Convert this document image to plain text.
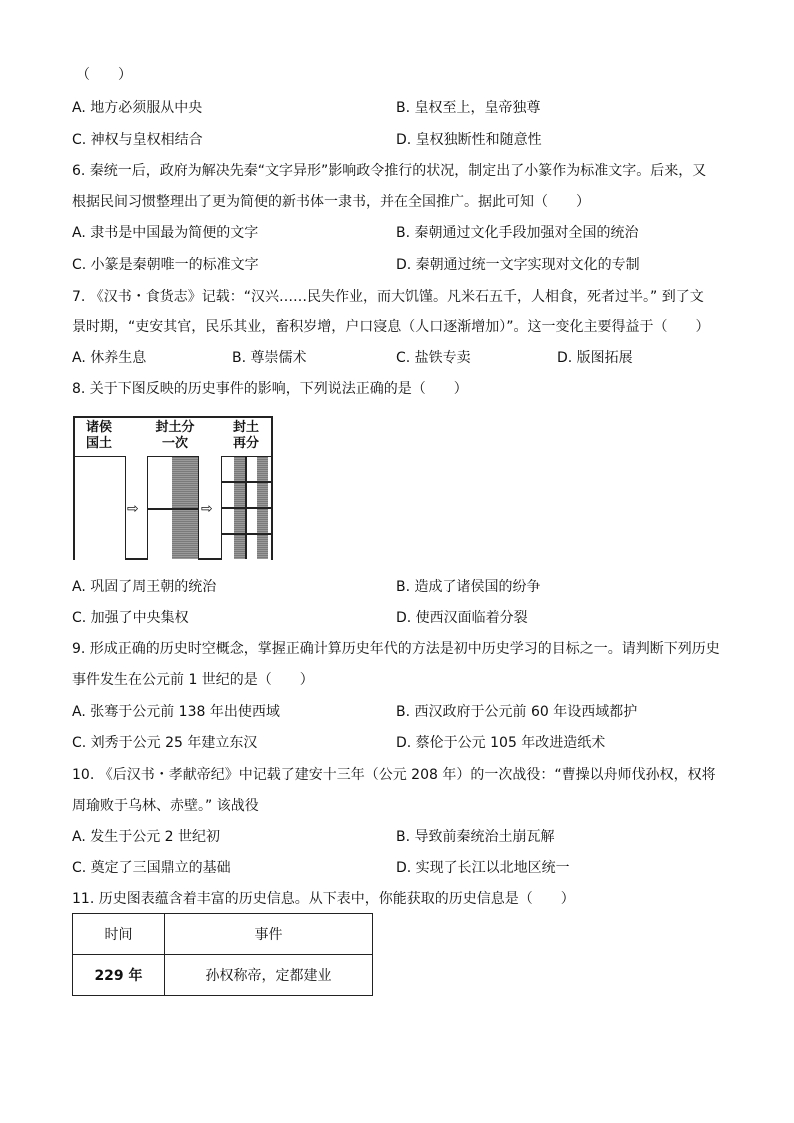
（　　）
A. 地方必须服从中央	B. 皇权至上，皇帝独尊
C. 神权与皇权相结合	D. 皇权独断性和随意性
6. 秦统一后，政府为解决先秦“文字异形”影响政令推行的状况，制定出了小篆作为标准文字。后来，又
根据民间习惯整理出了更为简便的新书体一隶书，并在全国推广。据此可知（　　）
A. 隶书是中国最为简便的文字	B. 秦朝通过文化手段加强对全国的统治
C. 小篆是秦朝唯一的标准文字	D. 秦朝通过统一文字实现对文化的专制
7. 《汉书・食货志》记载：“汉兴……民失作业，而大饥馑。凡米石五千，人相食，死者过半。” 到了文
景时期，“吏安其官，民乐其业，畜积岁增，户口寖息（人口逐渐增加）”。这一变化主要得益于（　　）
A. 休养生息	B. 尊崇儒术	C. 盐铁专卖	D. 版图拓展
8. 关于下图反映的历史事件的影响，下列说法正确的是（　　）
诸侯
国土
⇨
封土分
一次
⇨
封土
再分
A. 巩固了周王朝的统治	B. 造成了诸侯国的纷争
C. 加强了中央集权	D. 使西汉面临着分裂
9. 形成正确的历史时空概念，掌握正确计算历史年代的方法是初中历史学习的目标之一。请判断下列历史
事件发生在公元前 1 世纪的是（　　）
A. 张骞于公元前 138 年出使西域	B. 西汉政府于公元前 60 年设西域都护
C. 刘秀于公元 25 年建立东汉	D. 蔡伦于公元 105 年改进造纸术
10. 《后汉书・孝献帝纪》中记载了建安十三年（公元 208 年）的一次战役：“曹操以舟师伐孙权，权将
周瑜败于乌林、赤壁。” 该战役
A. 发生于公元 2 世纪初	B. 导致前秦统治土崩瓦解
C. 奠定了三国鼎立的基础	D. 实现了长江以北地区统一
11. 历史图表蕴含着丰富的历史信息。从下表中，你能获取的历史信息是（　　）
时间	事件
229 年	孙权称帝，定都建业
